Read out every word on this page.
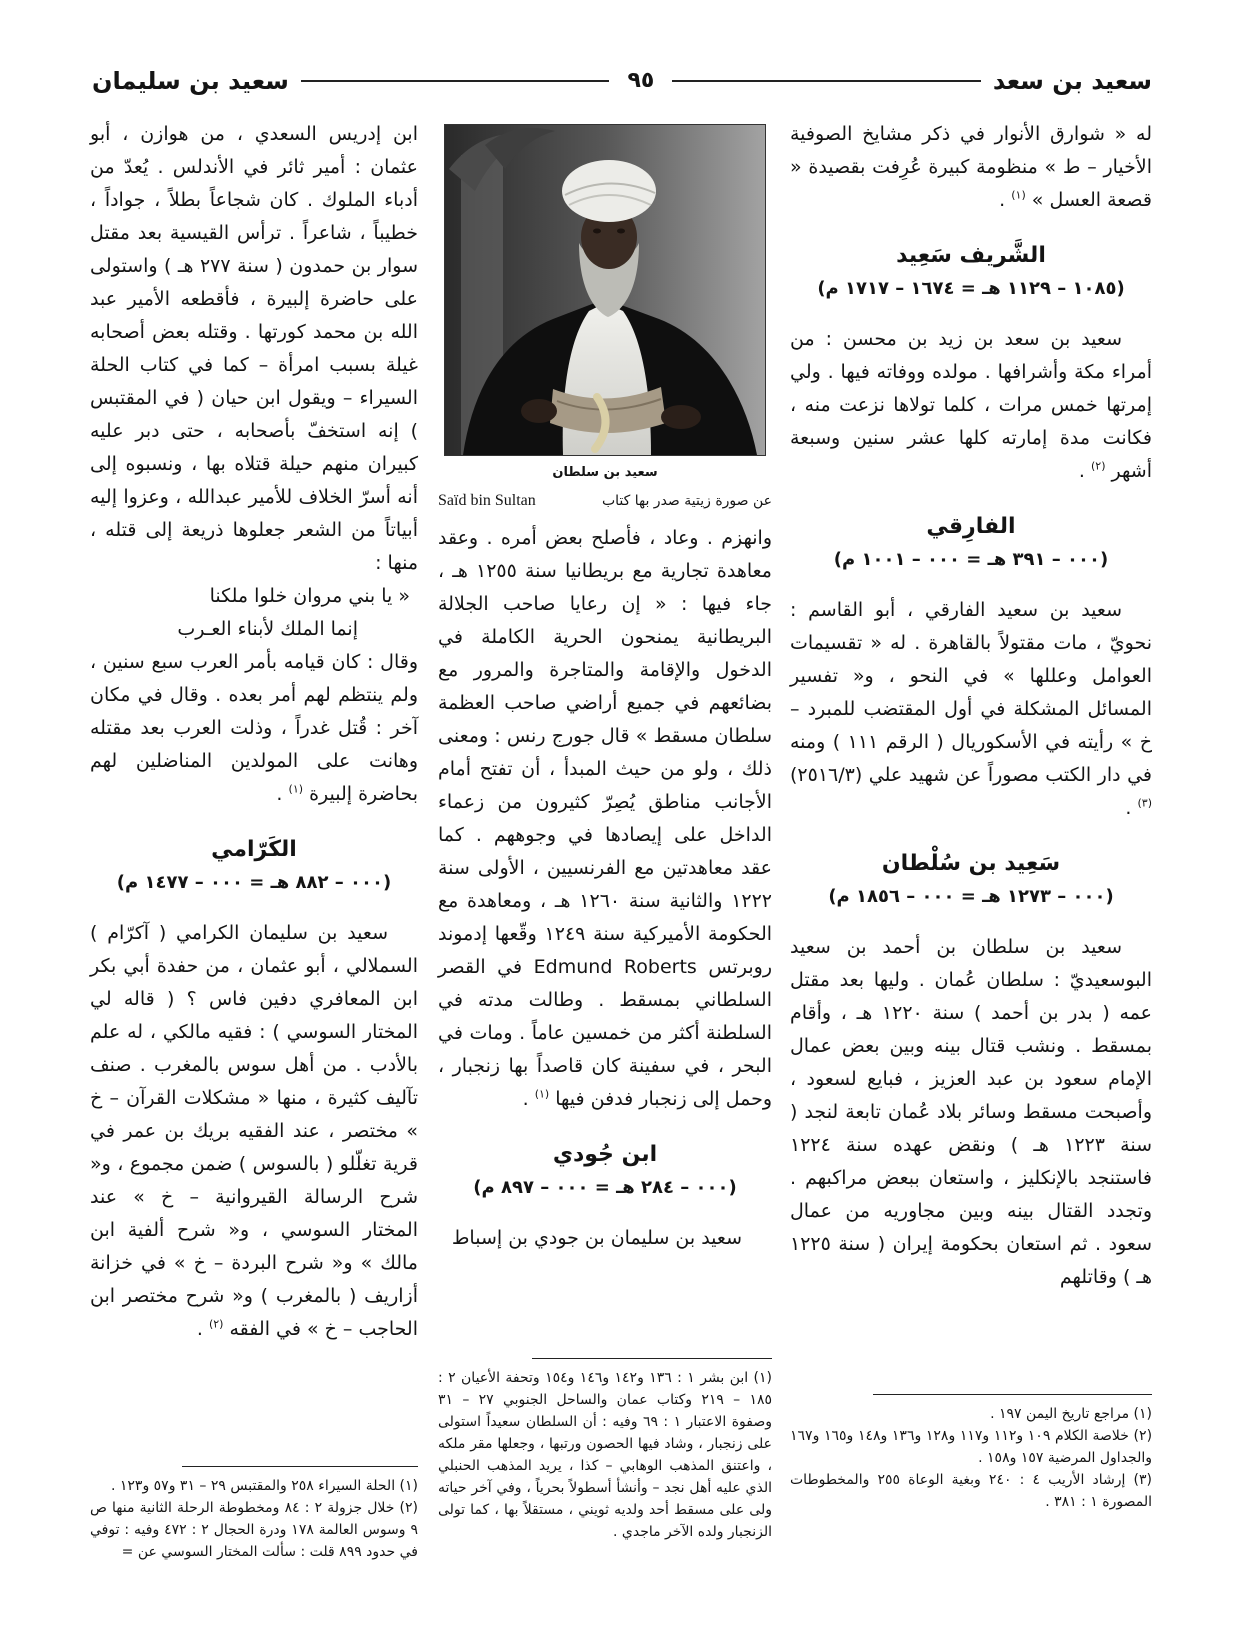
سعيد بن سعد
٩٥
سعيد بن سليمان

له « شوارق الأنوار في ذكر مشايخ الصوفية الأخيار – ط » منظومة كبيرة عُرِفت بقصيدة « قصعة العسل » $^{(١)}$ .

الشَّريف سَعِيد
(١٠٨٥ – ١١٢٩ هـ = ١٦٧٤ – ١٧١٧ م)

سعيد بن سعد بن زيد بن محسن : من أمراء مكة وأشرافها . مولده ووفاته فيها . ولي إمرتها خمس مرات ، كلما تولاها نزعت منه ، فكانت مدة إمارته كلها عشر سنين وسبعة أشهر $^{(٢)}$ .

الفارِقي
(٠٠٠ – ٣٩١ هـ = ٠٠٠ – ١٠٠١ م)

سعيد بن سعيد الفارقي ، أبو القاسم : نحويّ ، مات مقتولاً بالقاهرة . له « تقسيمات العوامل وعللها » في النحو ، و« تفسير المسائل المشكلة في أول المقتضب للمبرد – خ » رأيته في الأسكوريال ( الرقم ١١١ ) ومنه في دار الكتب مصوراً عن شهيد علي (٢٥١٦/٣) $^{(٣)}$ .

سَعِيد بن سُلْطان
(٠٠٠ – ١٢٧٣ هـ = ٠٠٠ – ١٨٥٦ م)

سعيد بن سلطان بن أحمد بن سعيد البوسعيديّ : سلطان عُمان . وليها بعد مقتل عمه ( بدر بن أحمد ) سنة ١٢٢٠ هـ ، وأقام بمسقط . ونشب قتال بينه وبين بعض عمال الإمام سعود بن عبد العزيز ، فبايع لسعود ، وأصبحت مسقط وسائر بلاد عُمان تابعة لنجد ( سنة ١٢٢٣ هـ ) ونقض عهده سنة ١٢٢٤ فاستنجد بالإنكليز ، واستعان ببعض مراكبهم . وتجدد القتال بينه وبين مجاوريه من عمال سعود . ثم استعان بحكومة إيران ( سنة ١٢٢٥ هـ ) وقاتلهم

(١) مراجع تاريخ اليمن ١٩٧ .

(٢) خلاصة الكلام ١٠٩ و١١٢ و١١٧ و١٢٨ و١٣٦ و١٤٨ و١٦٥ و١٦٧ والجداول المرضية ١٥٧ و١٥٨ .

(٣) إرشاد الأريب ٤ : ٢٤٠ وبغية الوعاة ٢٥٥ والمخطوطات المصورة ١ : ٣٨١ .

سعيد بن سلطان
عن صورة زيتية صدر بها كتاب
Saïd bin Sultan

وانهزم . وعاد ، فأصلح بعض أمره . وعقد معاهدة تجارية مع بريطانيا سنة ١٢٥٥ هـ ، جاء فيها : « إن رعايا صاحب الجلالة البريطانية يمنحون الحرية الكاملة في الدخول والإقامة والمتاجرة والمرور مع بضائعهم في جميع أراضي صاحب العظمة سلطان مسقط » قال جورج رنس : ومعنى ذلك ، ولو من حيث المبدأ ، أن تفتح أمام الأجانب مناطق يُصِرّ كثيرون من زعماء الداخل على إيصادها في وجوههم . كما عقد معاهدتين مع الفرنسيين ، الأولى سنة ١٢٢٢ والثانية سنة ١٢٦٠ هـ ، ومعاهدة مع الحكومة الأميركية سنة ١٢٤٩ وقّعها إدموند روبرتس Edmund Roberts في القصر السلطاني بمسقط . وطالت مدته في السلطنة أكثر من خمسين عاماً . ومات في البحر ، في سفينة كان قاصداً بها زنجبار ، وحمل إلى زنجبار فدفن فيها $^{(١)}$ .

ابن جُودي
(٠٠٠ – ٢٨٤ هـ = ٠٠٠ – ٨٩٧ م)

سعيد بن سليمان بن جودي بن إسباط

(١) ابن بشر ١ : ١٣٦ و١٤٢ و١٤٦ و١٥٤ وتحفة الأعيان ٢ : ١٨٥ – ٢١٩ وكتاب عمان والساحل الجنوبي ٢٧ – ٣١ وصفوة الاعتبار ١ : ٦٩ وفيه : أن السلطان سعيداً استولى على زنجبار ، وشاد فيها الحصون ورتبها ، وجعلها مقر ملكه ، واعتنق المذهب الوهابي – كذا ، يريد المذهب الحنبلي الذي عليه أهل نجد – وأنشأ أسطولاً بحرياً ، وفي آخر حياته ولى على مسقط أحد ولديه ثويني ، مستقلاً بها ، كما تولى الزنجبار ولده الآخر ماجدي .

ابن إدريس السعدي ، من هوازن ، أبو عثمان : أمير ثائر في الأندلس . يُعدّ من أدباء الملوك . كان شجاعاً بطلاً ، جواداً ، خطيباً ، شاعراً . ترأس القيسية بعد مقتل سوار بن حمدون ( سنة ٢٧٧ هـ ) واستولى على حاضرة إلبيرة ، فأقطعه الأمير عبد الله بن محمد كورتها . وقتله بعض أصحابه غيلة بسبب امرأة – كما في كتاب الحلة السيراء – ويقول ابن حيان ( في المقتبس ) إنه استخفّ بأصحابه ، حتى دبر عليه كبيران منهم حيلة قتلاه بها ، ونسبوه إلى أنه أسرّ الخلاف للأمير عبدالله ، وعزوا إليه أبياتاً من الشعر جعلوها ذريعة إلى قتله ، منها :

« يا بني مروان خلوا ملكنا
إنما الملك لأبناء العـرب

وقال : كان قيامه بأمر العرب سبع سنين ، ولم ينتظم لهم أمر بعده . وقال في مكان آخر : قُتل غدراً ، وذلت العرب بعد مقتله وهانت على المولدين المناضلين لهم بحاضرة إلبيرة $^{(١)}$ .

الكَرّامي
(٠٠٠ – ٨٨٢ هـ = ٠٠٠ – ١٤٧٧ م)

سعيد بن سليمان الكرامي ( آكرّام ) السملالي ، أبو عثمان ، من حفدة أبي بكر ابن المعافري دفين فاس ؟ ( قاله لي المختار السوسي ) : فقيه مالكي ، له علم بالأدب . من أهل سوس بالمغرب . صنف تآليف كثيرة ، منها « مشكلات القرآن – خ » مختصر ، عند الفقيه بريك بن عمر في قرية تغلّلو ( بالسوس ) ضمن مجموع ، و« شرح الرسالة القيروانية – خ » عند المختار السوسي ، و« شرح ألفية ابن مالك » و« شرح البردة – خ » في خزانة أزاريف ( بالمغرب ) و« شرح مختصر ابن الحاجب – خ » في الفقه $^{(٢)}$ .

(١) الحلة السيراء ٢٥٨ والمقتبس ٢٩ – ٣١ و٥٧ و١٢٣ .

(٢) خلال جزولة ٢ : ٨٤ ومخطوطة الرحلة الثانية منها ص ٩ وسوس العالمة ١٧٨ ودرة الحجال ٢ : ٤٧٢ وفيه : توفي في حدود ٨٩٩ قلت : سألت المختار السوسي عن =
